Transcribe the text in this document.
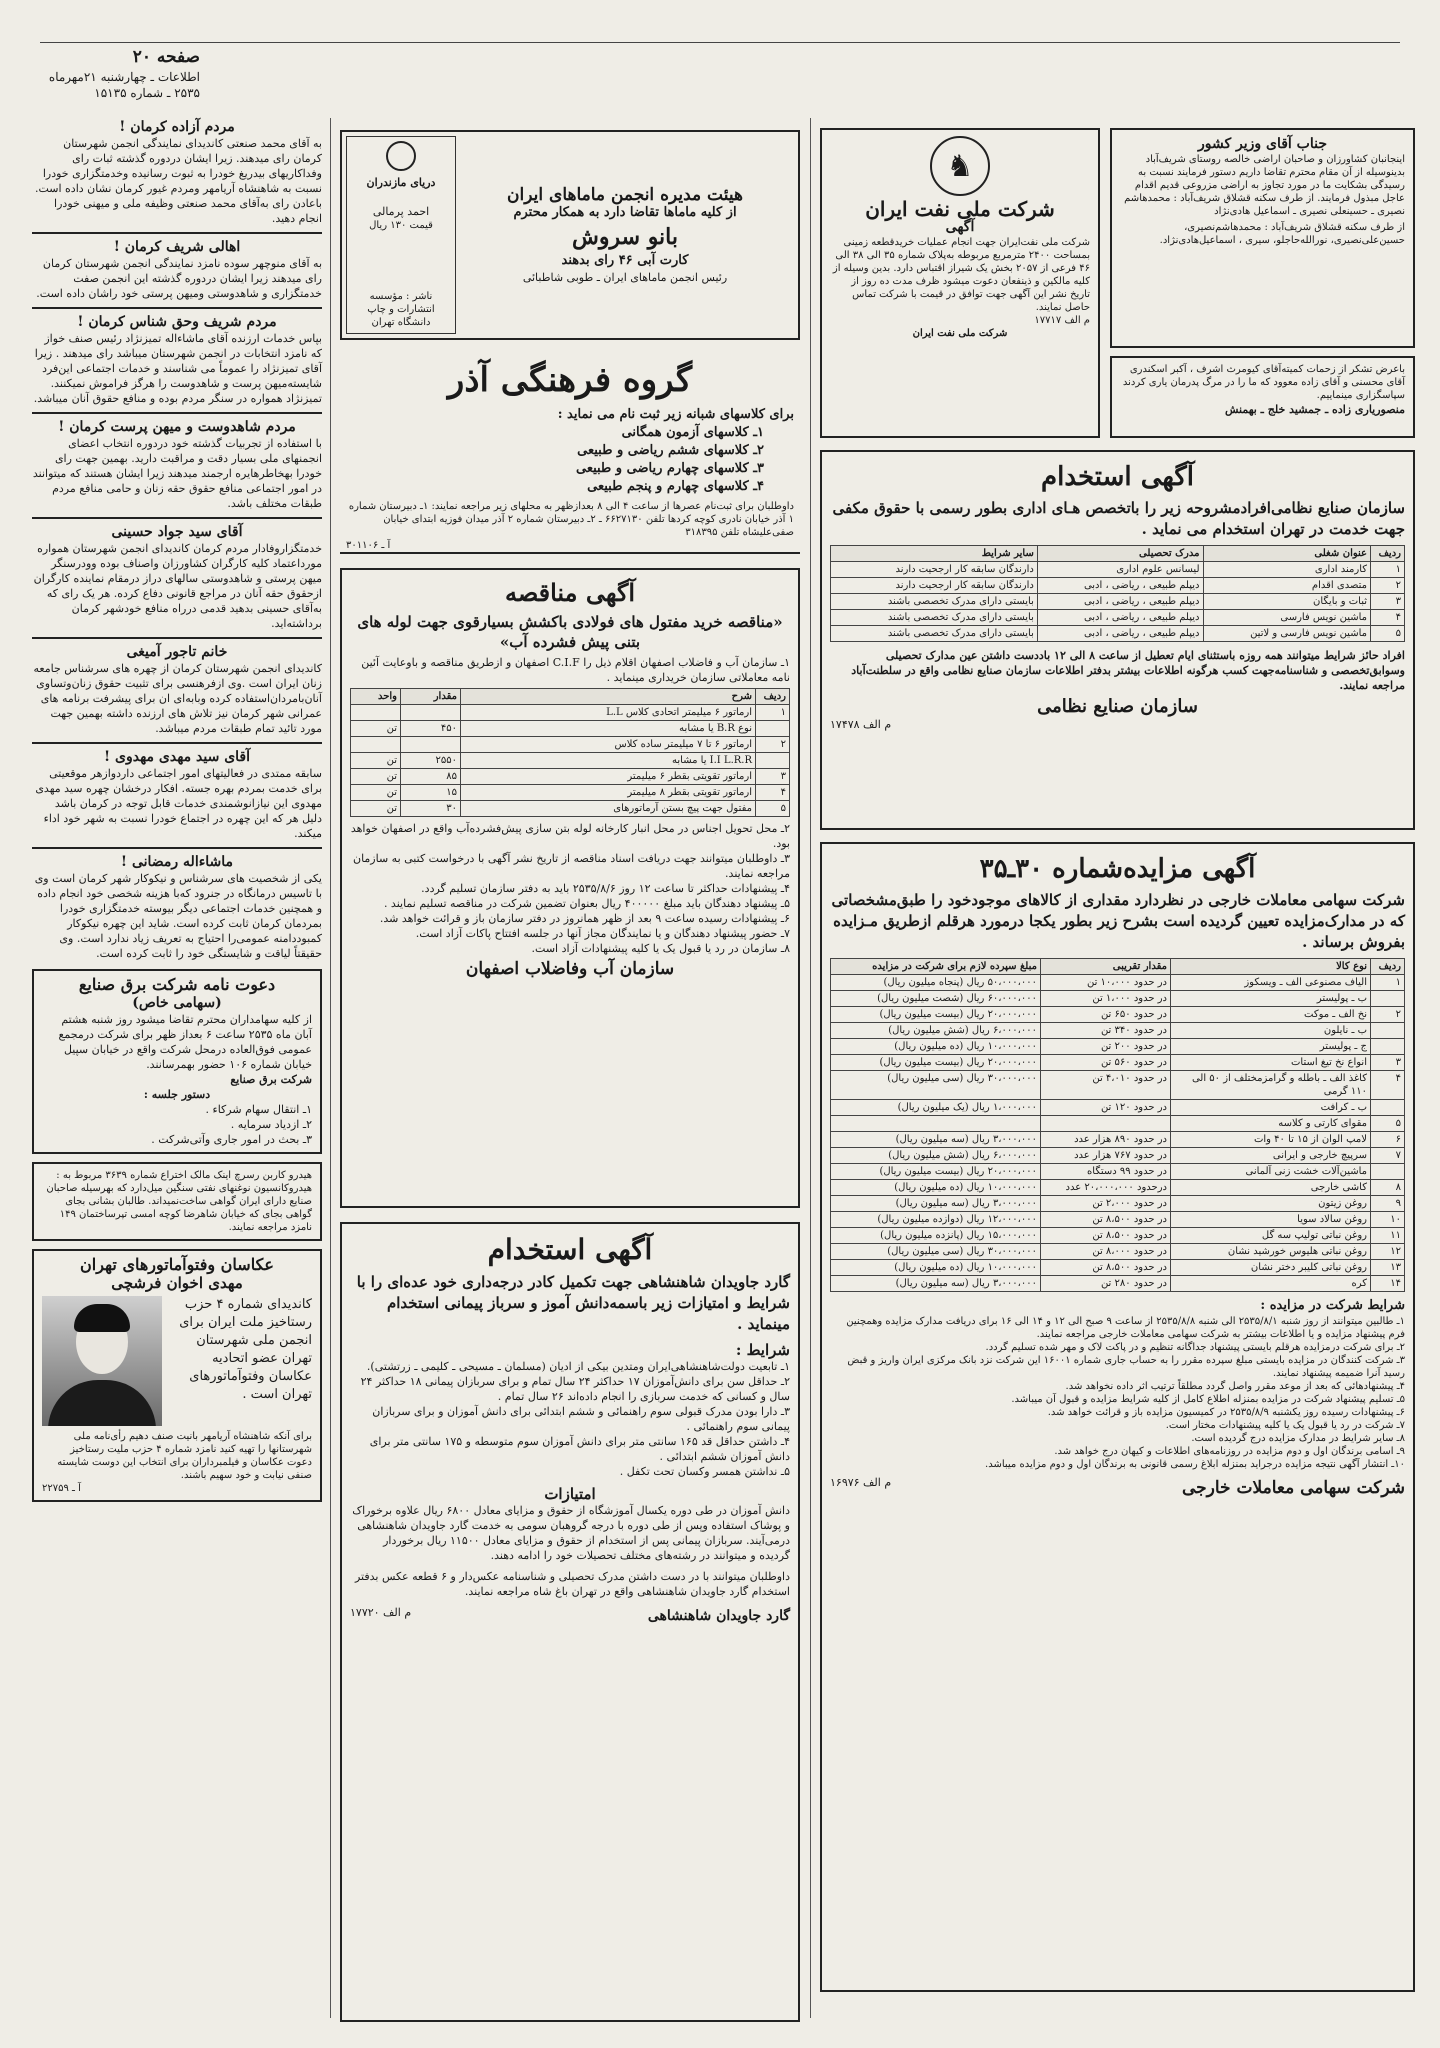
صفحه ۲۰
اطلاعات ـ چهارشنبه ۲۱مهرماه
۲۵۳۵ ـ شماره ۱۵۱۳۵
مردم آزاده کرمان !
به آقای محمد صنعتی کاندیدای نمایندگی انجمن شهرستان کرمان رای میدهند. زیرا ایشان دردوره گذشته ثبات رای وفداکاریهای بیدریغ خودرا به ثبوت رسانیده وخدمتگزاری خودرا نسبت به شاهنشاه آریامهر ومردم غیور کرمان نشان داده است. باعادن رای به‌آقای محمد صنعتی وظیفه ملی و میهنی خودرا انجام دهید.
اهالی شریف کرمان !
به آقای منوچهر سوده نامزد نمایندگی انجمن شهرستان کرمان رای میدهند زیرا ایشان دردوره گذشته این انجمن صفت خدمتگزاری و شاهدوستی ومیهن پرستی خود راشان داده است.
مردم شریف وحق شناس کرمان !
بپاس خدمات ارزنده آقای ماشاءاله تمیزنژاد رئیس صنف خواز که نامزد انتخابات در انجمن شهرستان میباشد رای میدهند . زیرا آقای تمیزنژاد را عموماً می شناسند و خدمات اجتماعی این‌فرد شایسته‌میهن پرست و شاهدوست را هرگز فراموش نمیکنند. تمیزنژاد همواره در سنگر مردم بوده و منافع حقوق آنان میباشد.
مردم شاهدوست و میهن پرست کرمان !
با استفاده از تجربیات گذشته خود دردوره انتخاب اعضای انجمنهای ملی بسیار دقت و مراقبت دارید. بهمین جهت رای خودرا بهخاطرهایره ارجمند میدهند زیرا ایشان هستند که میتوانند در امور اجتماعی منافع حقوق حقه زنان و حامی منافع مردم طبقات مختلف باشد.
آقای سید جواد حسینی
خدمتگزاروفادار مردم کرمان کاندیدای انجمن شهرستان همواره مورداعتماد کلیه کارگران کشاورزان واصناف بوده وودرسنگر میهن پرستی و شاهدوستی سالهای دراز درمقام نماینده کارگران ازحقوق حقه آنان در مراجع قانونی دفاع کرده. هر یک رای که به‌آقای حسینی بدهید قدمی درراه منافع خودشهر کرمان برداشته‌اید.
خانم تاجور آمیغی
کاندیدای انجمن شهرستان کرمان از چهره های سرشناس جامعه زنان ایران است .وی ازفرهنسی برای تثبیت حقوق زنان‌وتساوی آنان‌بامردان‌استفاده کرده وبابه‌ای ان برای پیشرفت برنامه های عمرانی شهر کرمان نیز تلاش های ارزنده داشته بهمین جهت مورد تائید تمام طبقات مردم میباشد.
آقای سید مهدی مهدوی !
سابقه ممتدی در فعالیتهای امور اجتماعی داردوازهر موقعیتی برای خدمت بمردم بهره جسته. افکار درخشان چهره سید مهدی مهدوی این نیازانوشمندی خدمات قابل توجه در کرمان باشد دلیل هر که این چهره در اجتماع خودرا نسبت به شهر خود اداء میکند.
ماشاءاله رمضانی !
یکی از شخصیت های سرشناس و نیکوکار شهر کرمان است وی با تاسیس درمانگاه در جنرود که‌با هزینه شخصی خود انجام داده و همچنین خدمات اجتماعی دیگر بیوسته خدمتگزاری خودرا بمردمان کرمان ثابت کرده است. شاید این چهره نیکوکار کمبوددامنه عمومی‌را احتیاج به تعریف زیاد ندارد است. وی حقیقتاً لیاقت و شایستگی خود را ثابت کرده است.
دعوت نامه شرکت برق صنایع
(سهامی خاص)
از کلیه سهامداران محترم تقاضا میشود روز شنبه هشتم آبان ماه ۲۵۳۵ ساعت ۶ بعداز ظهر برای شرکت درمجمع عمومی فوق‌العاده درمحل شرکت واقع در خیابان سپیل خیابان شماره ۱۰۶ حضور بهمرسانند.
شرکت برق صنایع
دستور جلسه :
۱ـ انتقال سهام شرکاء .
۲ـ ازدیاد سرمایه .
۳ـ بحث در امور جاری وآتی‌شرکت .
هیدرو کاربن رسرچ اینک مالک اختراع شماره ۳۶۳۹ مربوط به : هیدروکانسیون نوغنهای نفتی سنگین میل‌دارد که بهرسیله صاحبان صنایع دارای ایران گواهی ساخت‌نمیداند. طالبان بشانی بجای گواهی بجای که خیابان شاهرضا کوچه امسی تپرساختمان ۱۴۹ نامزد مراجعه نمایند.
عکاسان وفتوآماتورهای تهران
مهدی اخوان فرشچی
کاندیدای شماره ۴ حزب رستاخیز ملت ایران برای انجمن ملی شهرستان تهران عضو اتحادیه عکاسان وفتوآماتورهای تهران است .
برای آنکه شاهنشاه آریامهر بانیت صنف دهیم رأی‌نامه ملی شهرستانها را تهیه کنید نامزد شماره ۴ حزب ملیت رستاخیز دعوت عکاسان و فیلمبرداران برای انتخاب این دوست شایسته صنفی نیابت و خود سهیم باشند.
آ ـ ۲۲۷۵۹
هیئت مدیره انجمن ماماهای ایران
از کلیه ماماها تقاضا دارد به همکار محترم
بانو سروش
کارت آبی ۴۶ رای بدهند
رئیس انجمن ماماهای ایران ـ طوبی شاطبائی
دریای مازندران
احمد پرمالی
قیمت ۱۳۰ ریال
ناشر : مؤسسه انتشارات و چاپ دانشگاه تهران
گروه فرهنگی آذر
برای کلاسهای شبانه زیر ثبت نام می نماید :
۱ـ کلاسهای آزمون همگانی
۲ـ کلاسهای ششم ریاضی و طبیعی
۳ـ کلاسهای چهارم ریاضی و طبیعی
۴ـ کلاسهای چهارم و پنجم طبیعی
داوطلبان برای ثبت‌نام عصرها از ساعت ۴ الی ۸ بعدازظهر به محلهای زیر مراجعه نمایند: ۱ـ دبیرستان شماره ۱ آذر خیابان نادری کوچه کردها تلفن ۶۶۲۷۱۳۰ ـ ۲ـ دبیرستان شماره ۲ آذر میدان فوزیه ابتدای خیابان صفی‌علیشاه تلفن ۳۱۸۳۹۵
آ ـ ۳۰۱۱۰۶
آگهی مناقصه
«مناقصه خرید مفتول های فولادی باکشش بسیارقوی جهت لوله های بتنی پیش فشرده آب»
۱ـ سازمان آب و فاضلاب اصفهان اقلام ذیل را C.I.F اصفهان و ازطریق مناقصه و باوعایت آئین نامه معاملاتی سازمان خریداری مینماید .
ردیف	شرح	مقدار	واحد
۱	ارماتور ۶ میلیمتر اتحادی کلاس L.L		
	نوع B.R یا مشابه	۴۵۰	تن
۲	ارماتور ۶ تا ۷ میلیمتر ساده کلاس		
	I.I L.R.R یا مشابه	۲۵۵۰	تن
۳	ارماتور تقویتی بقطر ۶ میلیمتر	۸۵	تن
۴	ارماتور تقویتی بقطر ۸ میلیمتر	۱۵	تن
۵	مفتول جهت پیچ بستن آرماتورهای	۳۰	تن
۲ـ محل تحویل اجناس در محل انبار کارخانه لوله بتن سازی پیش‌فشرده‌آب واقع در اصفهان خواهد بود.
۳ـ داوطلبان میتوانند جهت دریافت اسناد مناقصه از تاریخ نشر آگهی با درخواست کتبی به سازمان مراجعه نمایند.
۴ـ پیشنهادات حداکثر تا ساعت ۱۲ روز ۲۵۳۵/۸/۶ باید به دفتر سازمان تسلیم گردد.
۵ـ پیشنهاد دهندگان باید مبلغ ۴۰۰۰۰۰ ریال بعنوان تضمین شرکت در مناقصه تسلیم نمایند .
۶ـ پیشنهادات رسیده ساعت ۹ بعد از ظهر همانروز در دفتر سازمان باز و قرائت خواهد شد.
۷ـ حضور پیشنهاد دهندگان و یا نمایندگان مجاز آنها در جلسه افتتاح پاکات آزاد است.
۸ـ سازمان در رد یا قبول یک یا کلیه پیشنهادات آزاد است.
سازمان آب وفاضلاب اصفهان
آگهی استخدام
گارد جاویدان شاهنشاهی جهت تکمیل کادر درجه‌داری خود عده‌ای را با شرایط و امتیازات زیر باسمه‌دانش آموز و سرباز پیمانی استخدام مینماید .
شرایط :
۱ـ تابعیت دولت‌شاهنشاهی‌ایران ومتدین بیکی از ادیان (مسلمان ـ مسیحی ـ کلیمی ـ زرتشتی).
۲ـ حداقل سن برای دانش‌آموزان ۱۷ حداکثر ۲۴ سال تمام و برای سربازان پیمانی ۱۸ حداکثر ۲۴ سال و کسانی که خدمت سربازی را انجام داده‌اند ۲۶ سال تمام .
۳ـ دارا بودن مدرک قبولی سوم راهنمائی و ششم ابتدائی برای دانش آموزان و برای سربازان پیمانی سوم راهنمائی .
۴ـ داشتن حداقل قد ۱۶۵ سانتی متر برای دانش آموزان سوم متوسطه و ۱۷۵ سانتی متر برای دانش آموزان ششم ابتدائی .
۵ـ نداشتن همسر وکسان تحت تکفل .
امتیازات
دانش آموزان در طی دوره یکسال آموزشگاه از حقوق و مزایای معادل ۶۸۰۰ ریال علاوه برخوراک و پوشاک استفاده وپس از طی دوره با درجه گروهبان سومی به خدمت گارد جاویدان شاهنشاهی درمی‌آیند. سربازان پیمانی پس از استخدام از حقوق و مزایای معادل ۱۱۵۰۰ ریال برخوردار گردیده و میتوانند در رشته‌های مختلف تحصیلات خود را ادامه دهند.
داوطلبان میتوانند با در دست داشتن مدرک تحصیلی و شناسنامه عکس‌دار و ۶ قطعه عکس بدفتر استخدام گارد جاویدان شاهنشاهی واقع در تهران باغ شاه مراجعه نمایند.
گارد جاویدان شاهنشاهی
م الف ۱۷۷۲۰
♞
شرکت ملی نفت ایران
آگهی
شرکت ملی نفت‌ایران جهت انجام عملیات خریدقطعه زمینی بمساحت ۲۴۰۰ مترمربع مربوطه به‌پلاک شماره ۳۵ الی ۳۸ الی ۴۶ فرعی از ۲۰۵۷ بخش یک شیراز اقتباس دارد. بدین وسیله از کلیه مالکین و ذینفعان دعوت میشود ظرف مدت ده روز از تاریخ نشر این آگهی جهت توافق در قیمت با شرکت تماس حاصل نمایند.
م الف ۱۷۷۱۷
شرکت ملی نفت ایران
جناب آقای وزیر کشور
اینجانبان کشاورزان و صاحبان اراضی خالصه روستای شریف‌آباد بدینوسیله از آن مقام محترم تقاضا داریم دستور فرمایند نسبت به رسیدگی بشکایت ما در مورد تجاوز به اراضی مزروعی قدیم اقدام عاجل مبذول فرمایند. از طرف سکنه قشلاق شریف‌آباد : محمدهاشم نصیری ـ حسینعلی نصیری ـ اسماعیل هادی‌نژاد
از طرف سکنه قشلاق شریف‌آباد : محمدهاشم‌نصیری، حسین‌علی‌نصیری، نورالله‌حاجلو، سیری ، اسماعیل‌هادی‌نژاد.
باعرض تشکر از زحمات کمیته‌آقای کیومرث اشرف ، آکبر اسکندری‌ آقای محسنی و آقای زاده معوود که ما را در مرگ پدرمان یاری کردند سپاسگزاری مینماییم.
منصوریاری زاده ـ جمشید خلج ـ بهمنش
آگهی استخدام
سازمان صنایع نظامی‌افرادمشروحه زیر را باتخصص هـای اداری بطور رسمی با حقوق مکفی جهت خدمت در تهران استخدام می نماید .
ردیف	عنوان شغلی	مدرک تحصیلی	سایر شرایط
۱	کارمند اداری	لیسانس علوم اداری	دارندگان سابقه کار ارجحیت دارند
۲	متصدی اقدام	دیپلم طبیعی ، ریاضی ، ادبی	دارندگان سابقه کار ارجحیت دارند
۳	ثبات و بایگان	دیپلم طبیعی ، ریاضی ، ادبی	بایستی دارای مدرک تخصصی باشند
۴	ماشین نویس فارسی	دیپلم طبیعی ، ریاضی ، ادبی	بایستی دارای مدرک تخصصی باشند
۵	ماشین نویس فارسی و لاتین	دیپلم طبیعی ، ریاضی ، ادبی	بایستی دارای مدرک تخصصی باشند
افراد حائز شرایط میتوانند همه روزه باستثنای ایام تعطیل از ساعت ۸ الی ۱۲ باددست داشتن عین مدارک تحصیلی وسوابق‌تخصصی و شناسنامه‌جهت کسب هرگونه اطلاعات بیشتر بدفتر اطلاعات سازمان صنایع نظامی واقع در سلطنت‌آباد مراجعه نمایند.
سازمان صنایع نظامی
م الف ۱۷۴۷۸
آگهی مزایده‌شماره ۳۰ـ۳۵
شرکت سهامی معاملات خارجی در نظردارد مقداری از کالاهای موجودخود را طبق‌مشخصاتی که در مدارک‌مزایده تعیین گردیده است بشرح زیر بطور یکجا درمورد هرقلم ازطریق مـزایده بفروش برساند .
ردیف	نوع کالا	مقدار تقریبی	مبلغ سپرده لازم برای شرکت در مزایده
۱	الیاف مصنوعی الف ـ ویسکوز	در حدود ۱۰،۰۰۰ تن	۵۰،۰۰۰،۰۰۰ ریال (پنجاه میلیون ریال)
	ب ـ پولیستر	در حدود ۱،۰۰۰ تن	۶۰،۰۰۰،۰۰۰ ریال (شصت میلیون ریال)
۲	نخ الف ـ موکت	در حدود ۶۵۰ تن	۲۰،۰۰۰،۰۰۰ ریال (بیست میلیون ریال)
	ب ـ نایلون	در حدود ۳۴۰ تن	۶،۰۰۰،۰۰۰ ریال (شش میلیون ریال)
	ج ـ پولیستر	در حدود ۲۰۰ تن	۱۰،۰۰۰،۰۰۰ ریال (ده میلیون ریال)
۳	انواع نخ تیغ استات	در حدود ۵۶۰ تن	۲۰،۰۰۰،۰۰۰ ریال (بیست میلیون ریال)
۴	کاغذ الف ـ باطله و گرامزمختلف از ۵۰ الی ۱۱۰ گرمی	در حدود ۴،۰۱۰ تن	۳۰،۰۰۰،۰۰۰ ریال (سی میلیون ریال)
	ب ـ کرافت	در حدود ۱۲۰ تن	۱،۰۰۰،۰۰۰ ریال (یک میلیون ریال)
۵	مقوای کارتی و کلاسه		
۶	لامپ الوان از ۱۵ تا ۴۰ وات	در حدود ۸۹۰ هزار عدد	۳،۰۰۰،۰۰۰ ریال (سه میلیون ریال)
۷	سرپیچ خارجی و ایرانی	در حدود ۷۶۷ هزار عدد	۶،۰۰۰،۰۰۰ ریال (شش میلیون ریال)
	ماشین‌آلات خشت زنی آلمانی	در حدود ۹۹ دستگاه	۲۰،۰۰۰،۰۰۰ ریال (بیست میلیون ریال)
۸	کاشی خارجی	درحدود ۲۰،۰۰۰،۰۰۰ عدد	۱۰،۰۰۰،۰۰۰ ریال (ده میلیون ریال)
۹	روغن زیتون	در حدود ۲،۰۰۰ تن	۳،۰۰۰،۰۰۰ ریال (سه میلیون ریال)
۱۰	روغن سالاد سویا	در حدود ۸،۵۰۰ تن	۱۲،۰۰۰،۰۰۰ ریال (دوازده میلیون ریال)
۱۱	روغن نباتی تولیپ سه گل	در حدود ۸،۵۰۰ تن	۱۵،۰۰۰،۰۰۰ ریال (پانزده میلیون ریال)
۱۲	روغن نباتی هلیوس خورشید نشان	در حدود ۸،۰۰۰ تن	۳۰،۰۰۰،۰۰۰ ریال (سی میلیون ریال)
۱۳	روغن نباتی کلیبر دختر نشان	در حدود ۸،۵۰۰ تن	۱۰،۰۰۰،۰۰۰ ریال (ده میلیون ریال)
۱۴	کره	در حدود ۲۸۰ تن	۳،۰۰۰،۰۰۰ ریال (سه میلیون ریال)
شرایط شرکت در مزایده :
۱ـ طالبین میتوانند از روز شنبه ۲۵۳۵/۸/۱ الی شنبه ۲۵۳۵/۸/۸ از ساعت ۹ صبح الی ۱۲ و ۱۴ الی ۱۶ برای دریافت مدارک مزایده وهمچنین فرم پیشنهاد مزایده و یا اطلاعات بیشتر به شرکت سهامی معاملات خارجی مراجعه نمایند.
۲ـ برای شرکت درمزایده هرقلم بایستی پیشنهاد جداگانه تنظیم و در پاکت لاک و مهر شده تسلیم گردد.
۳ـ شرکت کنندگان در مزایده بایستی مبلغ سپرده مقرر را به حساب جاری شماره ۱۶۰۰۱ این شرکت نزد بانک مرکزی ایران واریز و قبض رسید آنرا ضمیمه پیشنهاد نمایند.
۴ـ پیشنهادهائی که بعد از موعد مقرر واصل گردد مطلقاً ترتیب اثر داده نخواهد شد.
۵ـ تسلیم پیشنهاد شرکت در مزایده بمنزله اطلاع کامل از کلیه شرایط مزایده و قبول آن میباشد.
۶ـ پیشنهادات رسیده روز یکشنبه ۲۵۳۵/۸/۹ در کمیسیون مزایده باز و قرائت خواهد شد.
۷ـ شرکت در رد یا قبول یک یا کلیه پیشنهادات مختار است.
۸ـ سایر شرایط در مدارک مزایده درج گردیده است.
۹ـ اسامی برندگان اول و دوم مزایده در روزنامه‌های اطلاعات و کیهان درج خواهد شد.
۱۰ـ انتشار آگهی نتیجه مزایده درجراید بمنزله ابلاغ رسمی قانونی به برندگان اول و دوم مزایده میباشد.
شرکت سهامی معاملات خارجی
م الف ۱۶۹۷۶
